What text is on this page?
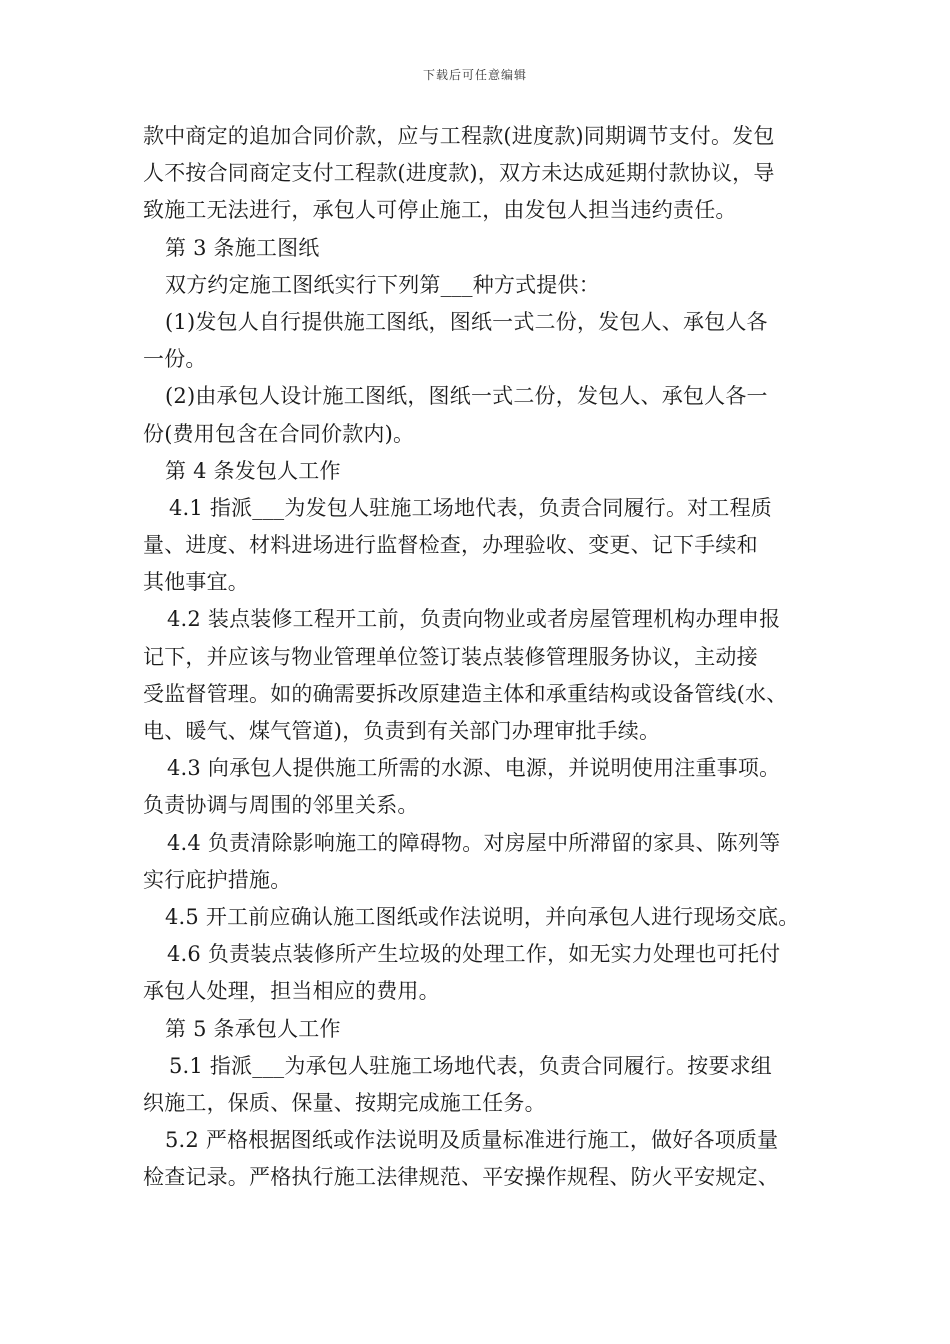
下载后可任意编辑
款中商定的追加合同价款，应与工程款(进度款)同期调节支付。发包
人不按合同商定支付工程款(进度款)，双方未达成延期付款协议，导
致施工无法进行，承包人可停止施工，由发包人担当违约责任。
第 3 条施工图纸
双方约定施工图纸实行下列第___种方式提供：
(1)发包人自行提供施工图纸，图纸一式二份，发包人、承包人各
一份。
(2)由承包人设计施工图纸，图纸一式二份，发包人、承包人各一
份(费用包含在合同价款内)。
第 4 条发包人工作
4.1 指派___为发包人驻施工场地代表，负责合同履行。对工程质
量、进度、材料进场进行监督检查，办理验收、变更、记下手续和
其他事宜。
4.2 装点装修工程开工前，负责向物业或者房屋管理机构办理申报
记下，并应该与物业管理单位签订装点装修管理服务协议，主动接
受监督管理。如的确需要拆改原建造主体和承重结构或设备管线(水、
电、暖气、煤气管道)，负责到有关部门办理审批手续。
4.3 向承包人提供施工所需的水源、电源，并说明使用注重事项。
负责协调与周围的邻里关系。
4.4 负责清除影响施工的障碍物。对房屋中所滞留的家具、陈列等
实行庇护措施。
4.5 开工前应确认施工图纸或作法说明，并向承包人进行现场交底。
4.6 负责装点装修所产生垃圾的处理工作，如无实力处理也可托付
承包人处理，担当相应的费用。
第 5 条承包人工作
5.1 指派___为承包人驻施工场地代表，负责合同履行。按要求组
织施工，保质、保量、按期完成施工任务。
5.2 严格根据图纸或作法说明及质量标准进行施工，做好各项质量
检查记录。严格执行施工法律规范、平安操作规程、防火平安规定、
